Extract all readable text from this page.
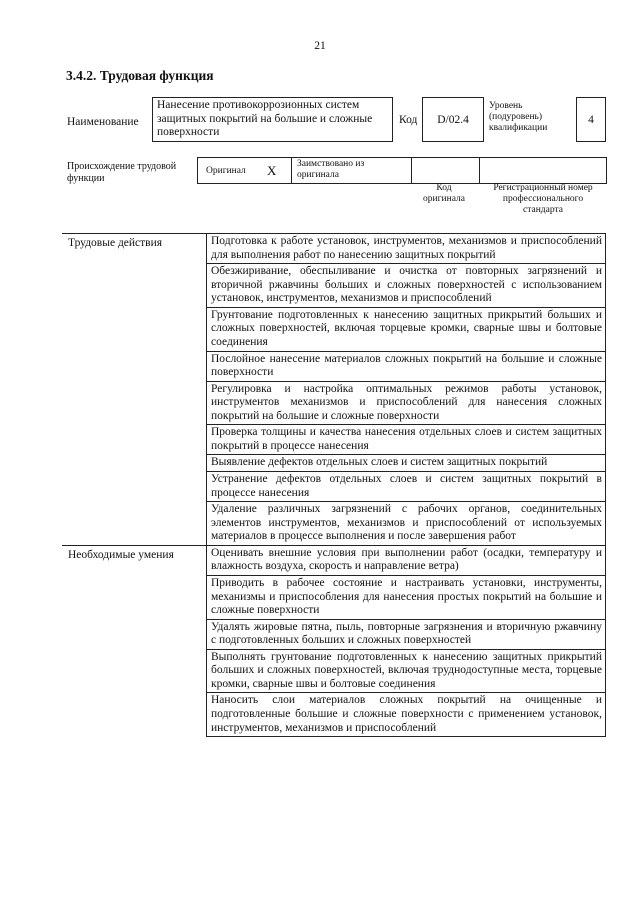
21
3.4.2. Трудовая функция
Наименование
Нанесение противокоррозионных систем защитных покрытий на большие и сложные поверхности
Код	D/02.4
Уровень (подуровень) квалификации
4
Происхождение трудовой функции
Оригинал X Заимствовано из оригинала
Код оригинала
Регистрационный номер профессионального стандарта
Трудовые действия	Подготовка к работе установок, инструментов, механизмов и приспособлений для выполнения работ по нанесению защитных покрытий
	Обезжиривание, обеспыливание и очистка от повторных загрязнений и вторичной ржавчины больших и сложных поверхностей с использованием установок, инструментов, механизмов и приспособлений
	Грунтование подготовленных к нанесению защитных прикрытий больших и сложных поверхностей, включая торцевые кромки, сварные швы и болтовые соединения
	Послойное нанесение материалов сложных покрытий на большие и сложные поверхности
	Регулировка и настройка оптимальных режимов работы установок, инструментов механизмов и приспособлений для нанесения сложных покрытий на большие и сложные поверхности
	Проверка толщины и качества нанесения отдельных слоев и систем защитных покрытий в процессе нанесения
	Выявление дефектов отдельных слоев и систем защитных покрытий
	Устранение дефектов отдельных слоев и систем защитных покрытий в процессе нанесения
	Удаление различных загрязнений с рабочих органов, соединительных элементов инструментов, механизмов и приспособлений от используемых материалов в процессе выполнения и после завершения работ
Необходимые умения	Оценивать внешние условия при выполнении работ (осадки, температуру и влажность воздуха, скорость и направление ветра)
	Приводить в рабочее состояние и настраивать установки, инструменты, механизмы и приспособления для нанесения простых покрытий на большие и сложные поверхности
	Удалять жировые пятна, пыль, повторные загрязнения и вторичную ржавчину с подготовленных больших и сложных поверхностей
	Выполнять грунтование подготовленных к нанесению защитных прикрытий больших и сложных поверхностей, включая труднодоступные места, торцевые кромки, сварные швы и болтовые соединения
	Наносить слои материалов сложных покрытий на очищенные и подготовленные большие и сложные поверхности с применением установок, инструментов, механизмов и приспособлений
